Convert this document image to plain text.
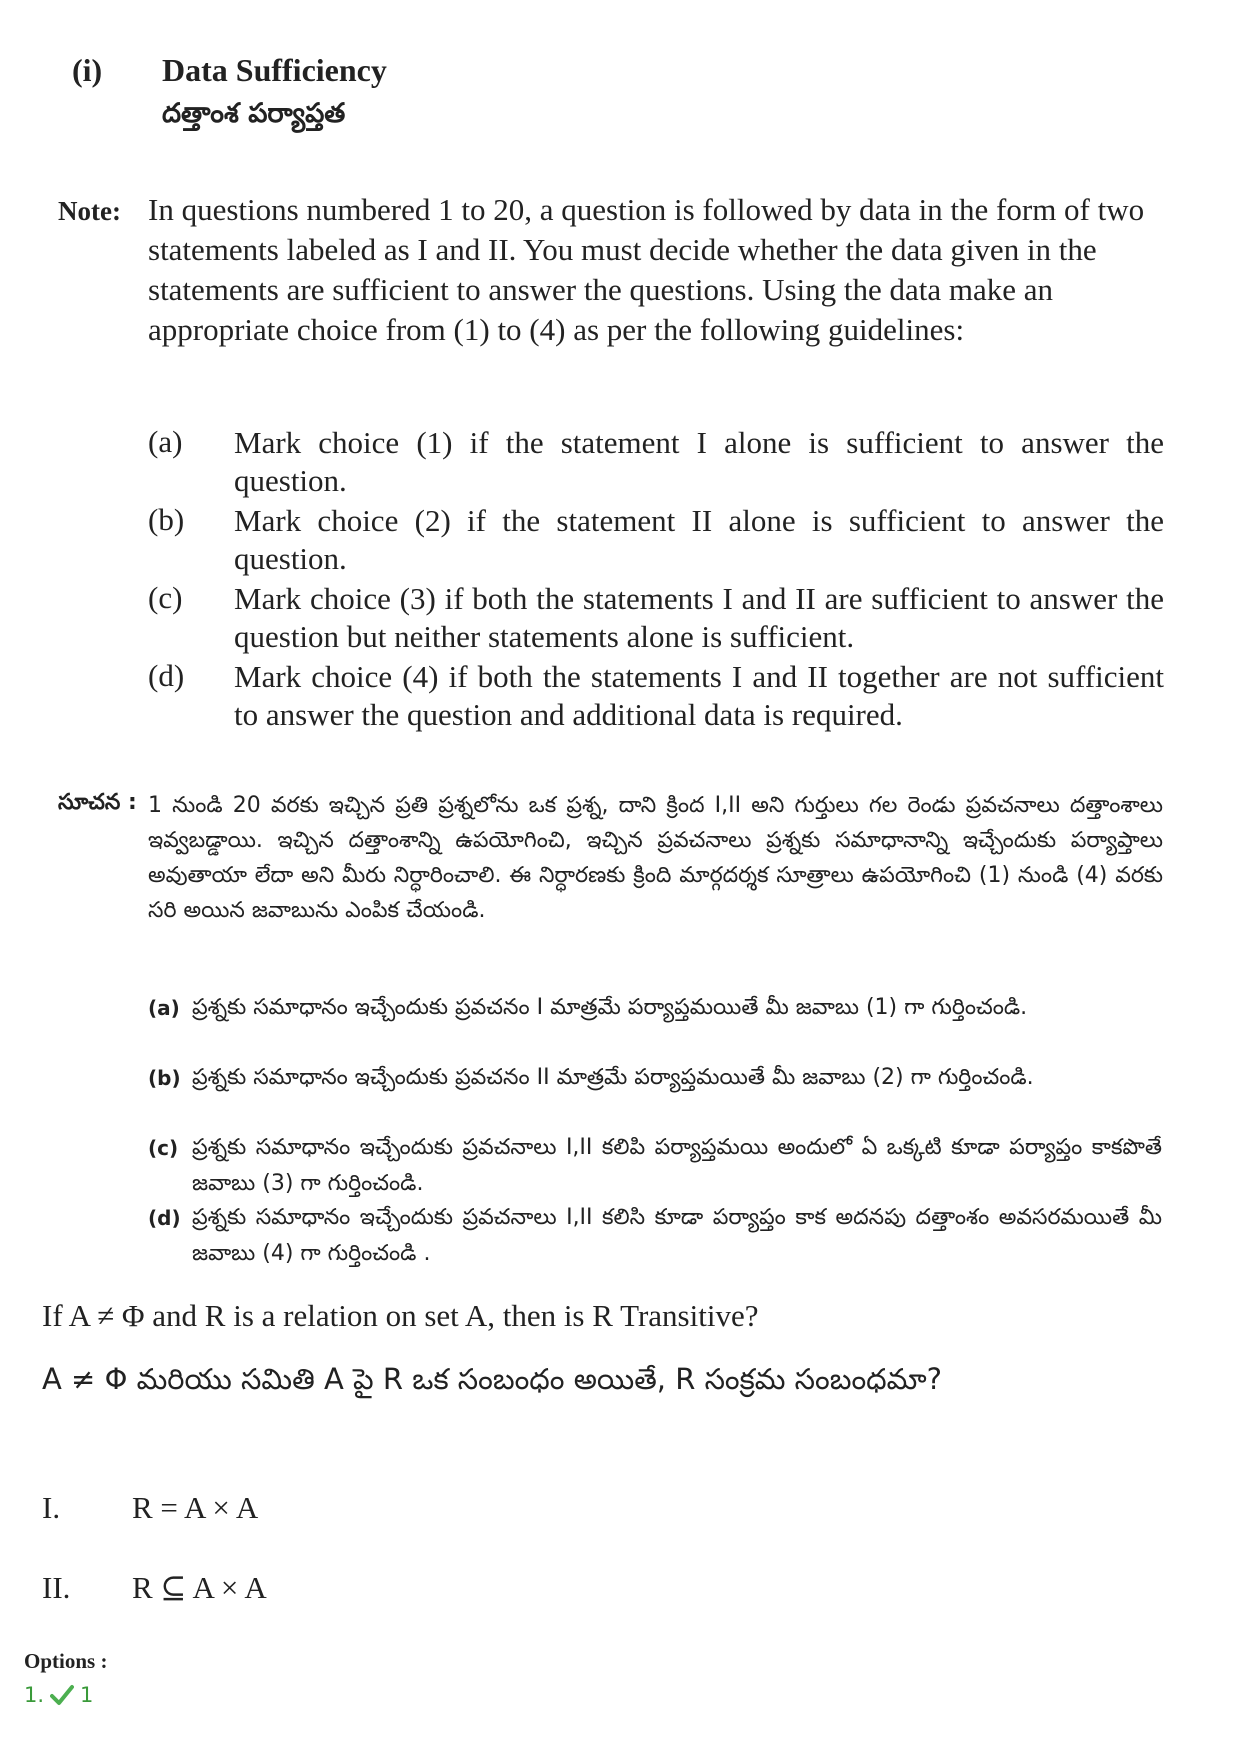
(i) Data Sufficiency
దత్తాంశ పర్యాప్తత
Note: In questions numbered 1 to 20, a question is followed by data in the form of two statements labeled as I and II. You must decide whether the data given in the statements are sufficient to answer the questions. Using the data make an appropriate choice from (1) to (4) as per the following guidelines:
(a) Mark choice (1) if the statement I alone is sufficient to answer the question.
(b) Mark choice (2) if the statement II alone is sufficient to answer the question.
(c) Mark choice (3) if both the statements I and II are sufficient to answer the question but neither statements alone is sufficient.
(d) Mark choice (4) if both the statements I and II together are not sufficient to answer the question and additional data is required.
సూచన : 1 నుండి 20 వరకు ఇచ్చిన ప్రతి ప్రశ్నలోను ఒక ప్రశ్న, దాని క్రింద I,II అని గుర్తులు గల రెండు ప్రవచనాలు దత్తాంశాలు ఇవ్వబడ్డాయి. ఇచ్చిన దత్తాంశాన్ని ఉపయోగించి, ఇచ్చిన ప్రవచనాలు ప్రశ్నకు సమాధానాన్ని ఇచ్చేందుకు పర్యాప్తాలు అవుతాయా లేదా అని మీరు నిర్ధారించాలి. ఈ నిర్ధారణకు క్రింది మార్గదర్శక సూత్రాలు ఉపయోగించి (1) నుండి (4) వరకు సరి అయిన జవాబును ఎంపిక చేయండి.
(a) ప్రశ్నకు సమాధానం ఇచ్చేందుకు ప్రవచనం I మాత్రమే పర్యాప్తమయితే మీ జవాబు (1) గా గుర్తించండి.
(b) ప్రశ్నకు సమాధానం ఇచ్చేందుకు ప్రవచనం II మాత్రమే పర్యాప్తమయితే మీ జవాబు (2) గా గుర్తించండి.
(c) ప్రశ్నకు సమాధానం ఇచ్చేందుకు ప్రవచనాలు I,II కలిపి పర్యాప్తమయి అందులో ఏ ఒక్కటి కూడా పర్యాప్తం కాకపొతే జవాబు (3) గా గుర్తించండి.
(d) ప్రశ్నకు సమాధానం ఇచ్చేందుకు ప్రవచనాలు I,II కలిసి కూడా పర్యాప్తం కాక అదనపు దత్తాంశం అవసరమయితే మీ జవాబు (4) గా గుర్తించండి .
If A ≠ Φ and R is a relation on set A, then is R Transitive?
A ≠ Φ మరియు సమితి A పై R ఒక సంబంధం అయితే, R సంక్రమ సంబంధమా?
I. R = A × A
II. R ⊆ A × A
Options :
1. 1
